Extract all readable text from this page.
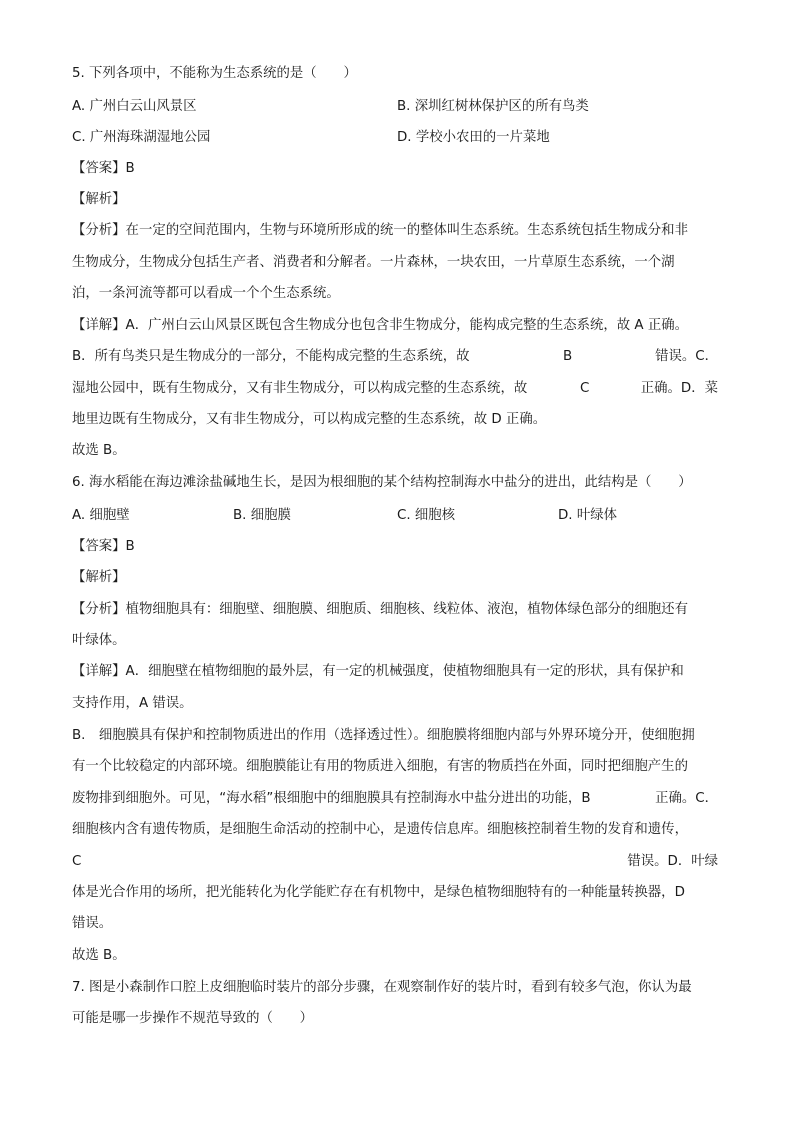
5. 下列各项中，不能称为生态系统的是（　　）
A. 广州白云山风景区	B. 深圳红树林保护区的所有鸟类
C. 广州海珠湖湿地公园	D. 学校小农田的一片菜地
【答案】B
【解析】
【分析】在一定的空间范围内，生物与环境所形成的统一的整体叫生态系统。生态系统包括生物成分和非
生物成分，生物成分包括生产者、消费者和分解者。一片森林，一块农田，一片草原生态系统，一个湖
泊，一条河流等都可以看成一个个生态系统。
【详解】A．广州白云山风景区既包含生物成分也包含非生物成分，能构成完整的生态系统，故 A 正确。
B．所有鸟类只是生物成分的一部分，不能构成完整的生态系统，故	B	错误。C．
湿地公园中，既有生物成分，又有非生物成分，可以构成完整的生态系统，故	C	正确。D．菜
地里边既有生物成分，又有非生物成分，可以构成完整的生态系统，故 D 正确。
故选 B。
6. 海水稻能在海边滩涂盐碱地生长，是因为根细胞的某个结构控制海水中盐分的进出，此结构是（　　）
A. 细胞壁	B. 细胞膜	C. 细胞核	D. 叶绿体
【答案】B
【解析】
【分析】植物细胞具有：细胞壁、细胞膜、细胞质、细胞核、线粒体、液泡，植物体绿色部分的细胞还有
叶绿体。
【详解】A．细胞壁在植物细胞的最外层，有一定的机械强度，使植物细胞具有一定的形状，具有保护和
支持作用，A 错误。
B.　细胞膜具有保护和控制物质进出的作用（选择透过性）。细胞膜将细胞内部与外界环境分开，使细胞拥
有一个比较稳定的内部环境。细胞膜能让有用的物质进入细胞，有害的物质挡在外面，同时把细胞产生的
废物排到细胞外。可见，“海水稻”根细胞中的细胞膜具有控制海水中盐分进出的功能，B	正确。C．
细胞核内含有遗传物质，是细胞生命活动的控制中心，是遗传信息库。细胞核控制着生物的发育和遗传，
C	错误。D．叶绿
体是光合作用的场所，把光能转化为化学能贮存在有机物中，是绿色植物细胞特有的一种能量转换器，D
错误。
故选 B。
7. 图是小森制作口腔上皮细胞临时装片的部分步骤，在观察制作好的装片时，看到有较多气泡，你认为最
可能是哪一步操作不规范导致的（　　）
